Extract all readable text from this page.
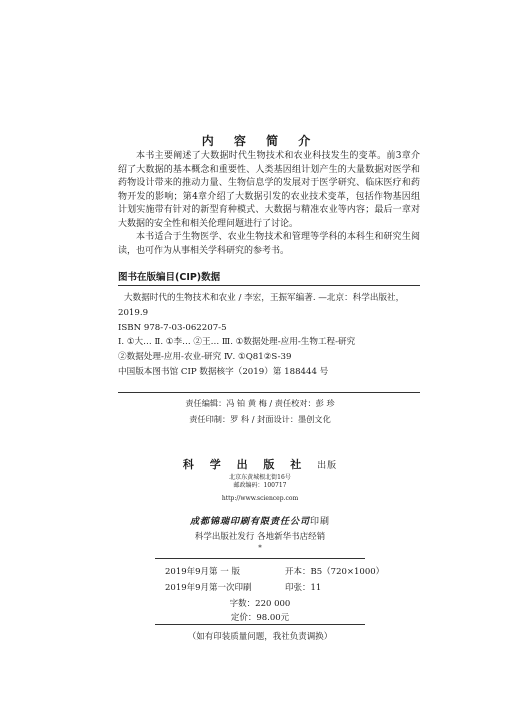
内 容 简 介

本书主要阐述了大数据时代生物技术和农业科技发生的变革。前3章介绍了大数据的基本概念和重要性、人类基因组计划产生的大量数据对医学和药物设计带来的推动力量、生物信息学的发展对于医学研究、临床医疗和药物开发的影响；第4章介绍了大数据引发的农业技术变革，包括作物基因组计划实施带有针对的新型育种模式、大数据与精准农业等内容；最后一章对大数据的安全性和相关伦理问题进行了讨论。

本书适合于生物医学、农业生物技术和管理等学科的本科生和研究生阅读，也可作为从事相关学科研究的参考书。

图书在版编目(CIP)数据
大数据时代的生物技术和农业 / 李宏，王振军编著. —北京：科学出版社，
2019.9
ISBN 978-7-03-062207-5
Ⅰ. ①大… Ⅱ. ①李… ②王… Ⅲ. ①数据处理-应用-生物工程-研究
②数据处理-应用-农业-研究 Ⅳ. ①Q81②S-39
中国版本图书馆 CIP 数据核字（2019）第 188444 号
责任编辑：冯 铂 黄 梅 / 责任校对：彭 珍
责任印制：罗 科 / 封面设计：墨创文化
科 学 出 版 社 出版
北京东黄城根北街16号
邮政编码：100717
http://www.sciencep.com
成都锦瑞印刷有限责任公司印刷
科学出版社发行 各地新华书店经销
*
2019年9月第 一 版	开本：B5（720×1000）
2019年9月第一次印刷	印张：11
字数：220 000
定价：98.00元
（如有印装质量问题，我社负责调换）
